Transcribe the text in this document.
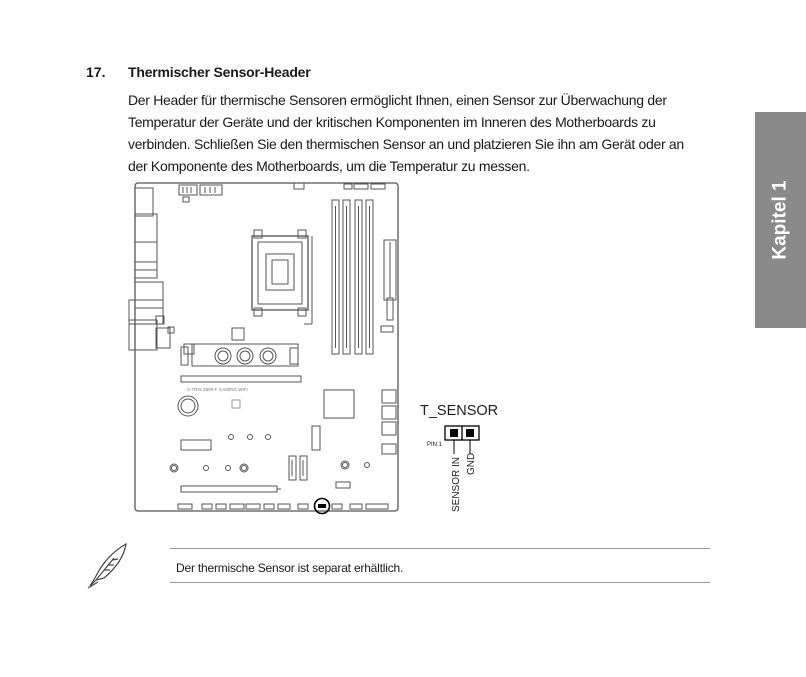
17. Thermischer Sensor-Header
Der Header für thermische Sensoren ermöglicht Ihnen, einen Sensor zur Überwachung der Temperatur der Geräte und der kritischen Komponenten im Inneren des Motherboards zu verbinden. Schließen Sie den thermischen Sensor an und platzieren Sie ihn am Gerät oder an der Komponente des Motherboards, um die Temperatur zu messen.
Kapitel 1
S-TRIX Z690-F GAMING WIFI
T_SENSOR
PIN 1
SENSOR IN GND
Der thermische Sensor ist separat erhältlich.
